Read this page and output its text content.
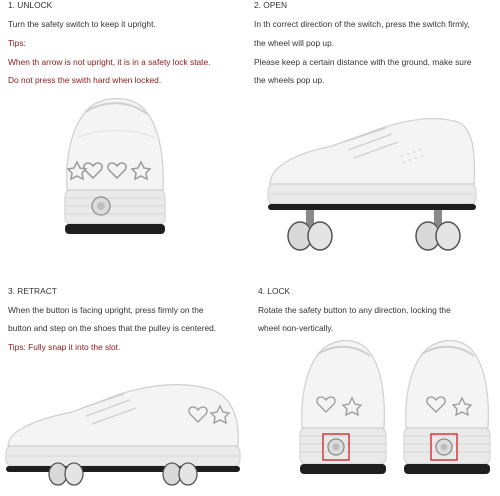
1. UNLOCK
Turn the safety switch to keep it upright.
Tips:
When th arrow is not upright, it is in a safety lock state.
Do not press the swith hard when locked.
2. OPEN
In th correct direction of the switch, press the switch firmly,
the wheel will pop up.
Please keep a certain distance with the ground, make sure
the wheels pop up.
3. RETRACT
When the button is facing upright, press firmly on the
button and step on the shoes that the pulley is centered.
Tips: Fully snap it into the slot.
4. LOCK
Rotate the safety button to any direction, locking the
wheel non-vertically.
